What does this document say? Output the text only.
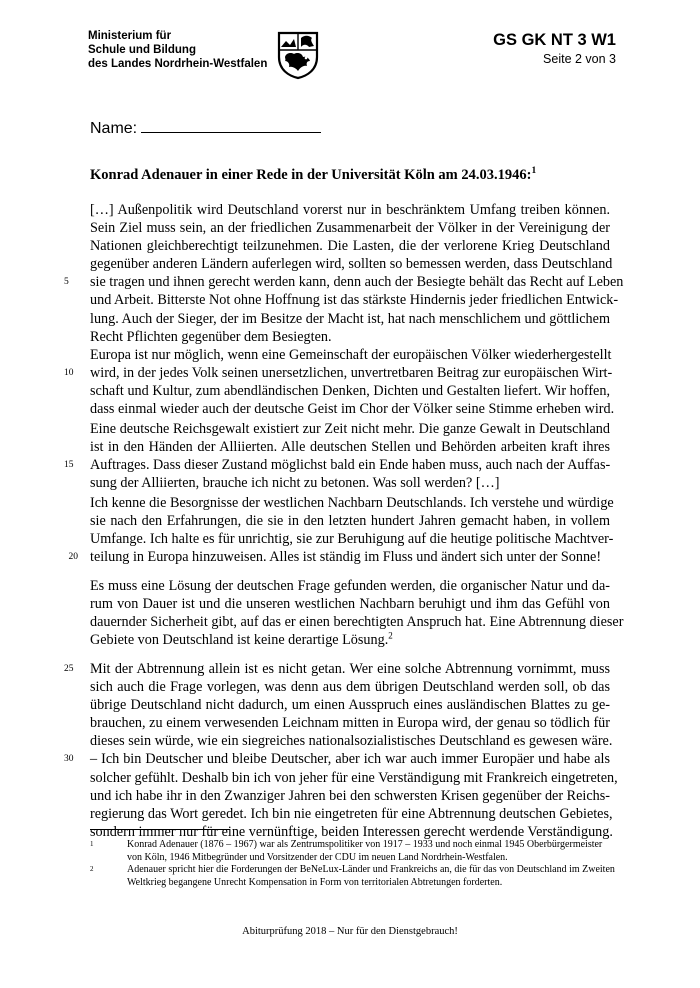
Ministerium für
Schule und Bildung
des Landes Nordrhein-Westfalen
GS GK NT 3 W1
Seite 2 von 3
Name:
Konrad Adenauer in einer Rede in der Universität Köln am 24.03.1946:$^1$
[…] Außenpolitik wird Deutschland vorerst nur in beschränktem Umfang treiben können.
Sein Ziel muss sein, an der friedlichen Zusammenarbeit der Völker in der Vereinigung der
Nationen gleichberechtigt teilzunehmen. Die Lasten, die der verlorene Krieg Deutschland
gegenüber anderen Ländern auferlegen wird, sollten so bemessen werden, dass Deutschland
5	sie tragen und ihnen gerecht werden kann, denn auch der Besiegte behält das Recht auf Leben
und Arbeit. Bitterste Not ohne Hoffnung ist das stärkste Hindernis jeder friedlichen Entwick-
lung. Auch der Sieger, der im Besitze der Macht ist, hat nach menschlichem und göttlichem
Recht Pflichten gegenüber dem Besiegten.
Europa ist nur möglich, wenn eine Gemeinschaft der europäischen Völker wiederhergestellt
10	wird, in der jedes Volk seinen unersetzlichen, unvertretbaren Beitrag zur europäischen Wirt-
schaft und Kultur, zum abendländischen Denken, Dichten und Gestalten liefert. Wir hoffen,
dass einmal wieder auch der deutsche Geist im Chor der Völker seine Stimme erheben wird.
Eine deutsche Reichsgewalt existiert zur Zeit nicht mehr. Die ganze Gewalt in Deutschland
ist in den Händen der Alliierten. Alle deutschen Stellen und Behörden arbeiten kraft ihres
15	Auftrages. Dass dieser Zustand möglichst bald ein Ende haben muss, auch nach der Auffas-
sung der Alliierten, brauche ich nicht zu betonen. Was soll werden? […]
Ich kenne die Besorgnisse der westlichen Nachbarn Deutschlands. Ich verstehe und würdige
sie nach den Erfahrungen, die sie in den letzten hundert Jahren gemacht haben, in vollem
Umfange. Ich halte es für unrichtig, sie zur Beruhigung auf die heutige politische Machtver-
20 teilung in Europa hinzuweisen. Alles ist ständig im Fluss und ändert sich unter der Sonne!
Es muss eine Lösung der deutschen Frage gefunden werden, die organischer Natur und da-
rum von Dauer ist und die unseren westlichen Nachbarn beruhigt und ihm das Gefühl von
dauernder Sicherheit gibt, auf das er einen berechtigten Anspruch hat. Eine Abtrennung dieser
Gebiete von Deutschland ist keine derartige Lösung.$^2$
25	Mit der Abtrennung allein ist es nicht getan. Wer eine solche Abtrennung vornimmt, muss
sich auch die Frage vorlegen, was denn aus dem übrigen Deutschland werden soll, ob das
übrige Deutschland nicht dadurch, um einen Ausspruch eines ausländischen Blattes zu ge-
brauchen, zu einem verwesenden Leichnam mitten in Europa wird, der genau so tödlich für
dieses sein würde, wie ein siegreiches nationalsozialistisches Deutschland es gewesen wäre.
30	– Ich bin Deutscher und bleibe Deutscher, aber ich war auch immer Europäer und habe als
solcher gefühlt. Deshalb bin ich von jeher für eine Verständigung mit Frankreich eingetreten,
und ich habe ihr in den Zwanziger Jahren bei den schwersten Krisen gegenüber der Reichs-
regierung das Wort geredet. Ich bin nie eingetreten für eine Abtrennung deutschen Gebietes,
sondern immer nur für eine vernünftige, beiden Interessen gerecht werdende Verständigung.
1	Konrad Adenauer (1876 – 1967) war als Zentrumspolitiker von 1917 – 1933 und noch einmal 1945 Oberbürgermeister
von Köln, 1946 Mitbegründer und Vorsitzender der CDU im neuen Land Nordrhein-Westfalen.
2	Adenauer spricht hier die Forderungen der BeNeLux-Länder und Frankreichs an, die für das von Deutschland im Zweiten
Weltkrieg begangene Unrecht Kompensation in Form von territorialen Abtretungen forderten.
Abiturprüfung 2018 – Nur für den Dienstgebrauch!
